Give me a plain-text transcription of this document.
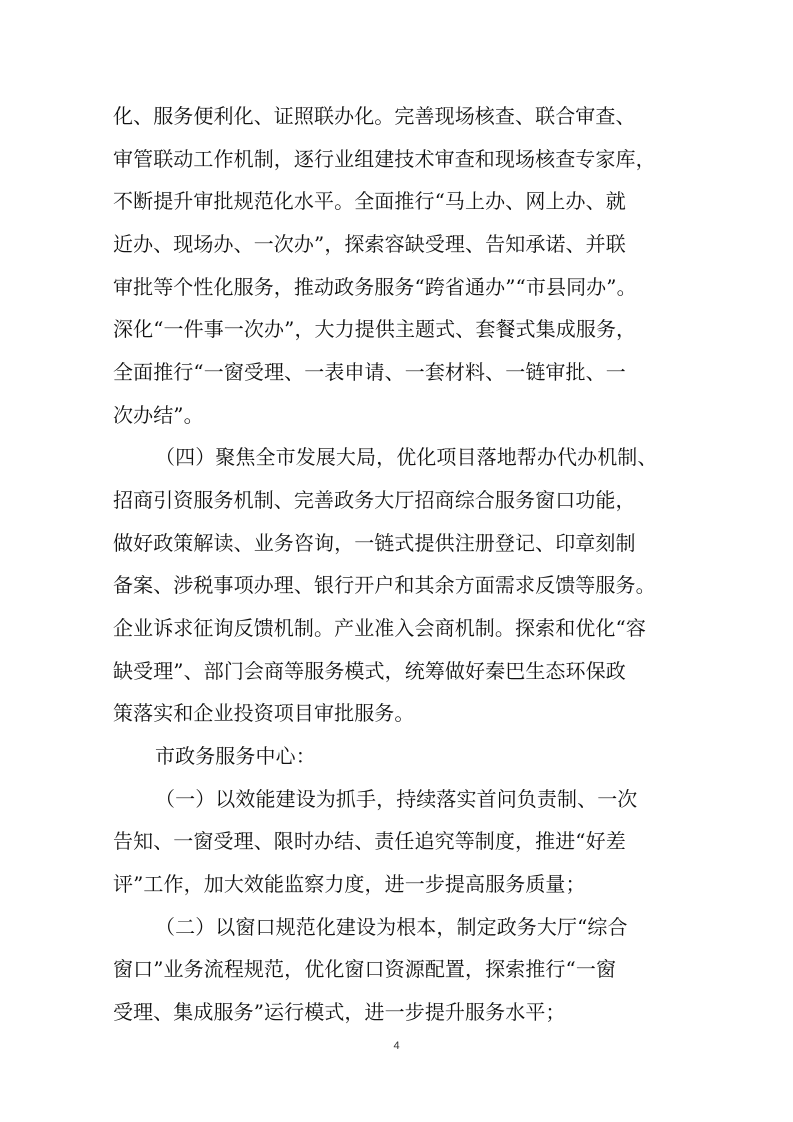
化、服务便利化、证照联办化。完善现场核查、联合审查、
审管联动工作机制，逐行业组建技术审查和现场核查专家库，
不断提升审批规范化水平。全面推行“马上办、网上办、就
近办、现场办、一次办”，探索容缺受理、告知承诺、并联
审批等个性化服务，推动政务服务“跨省通办”“市县同办”。
深化“一件事一次办”，大力提供主题式、套餐式集成服务，
全面推行“一窗受理、一表申请、一套材料、一链审批、一
次办结”。
（四）聚焦全市发展大局，优化项目落地帮办代办机制、
招商引资服务机制、完善政务大厅招商综合服务窗口功能，
做好政策解读、业务咨询，一链式提供注册登记、印章刻制
备案、涉税事项办理、银行开户和其余方面需求反馈等服务。
企业诉求征询反馈机制。产业准入会商机制。探索和优化“容
缺受理”、部门会商等服务模式，统筹做好秦巴生态环保政
策落实和企业投资项目审批服务。
市政务服务中心：
（一）以效能建设为抓手，持续落实首问负责制、一次
告知、一窗受理、限时办结、责任追究等制度，推进“好差
评”工作，加大效能监察力度，进一步提高服务质量；
（二）以窗口规范化建设为根本，制定政务大厅“综合
窗口”业务流程规范，优化窗口资源配置，探索推行“一窗
受理、集成服务”运行模式，进一步提升服务水平；
4
